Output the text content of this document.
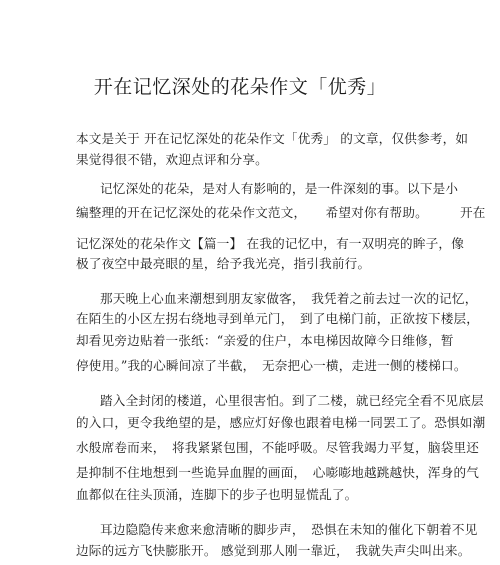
开在记忆深处的花朵作文「优秀」
本文是关于 开在记忆深处的花朵作文「优秀」 的文章，仅供参考，如
果觉得很不错，欢迎点评和分享。
记忆深处的花朵，是对人有影响的，是一件深刻的事。以下是小
编整理的开在记忆深处的花朵作文范文，　　希望对你有帮助。　　　开在
记忆深处的花朵作文【篇一】 在我的记忆中，有一双明亮的眸子，像
极了夜空中最亮眼的星，给予我光亮，指引我前行。
那天晚上心血来潮想到朋友家做客，　我凭着之前去过一次的记忆，
在陌生的小区左拐右绕地寻到单元门，　到了电梯门前，正欲按下楼层，
却看见旁边贴着一张纸：“亲爱的住户，本电梯因故障今日维修，暂
停使用。”我的心瞬间凉了半截，　无奈把心一横，走进一侧的楼梯口。
踏入全封闭的楼道，心里很害怕。到了二楼，就已经完全看不见底层
的入口，更令我绝望的是，感应灯好像也跟着电梯一同罢工了。恐惧如潮
水般席卷而来，　将我紧紧包围，不能呼吸。尽管我竭力平复，脑袋里还
是抑制不住地想到一些诡异血腥的画面，　心嘭嘭地越跳越快，浑身的气
血都似在往头顶涌，连脚下的步子也明显慌乱了。
耳边隐隐传来愈来愈清晰的脚步声，　恐惧在未知的催化下朝着不见
边际的远方飞快膨胀开。 感觉到那人刚一靠近，　我就失声尖叫出来。
